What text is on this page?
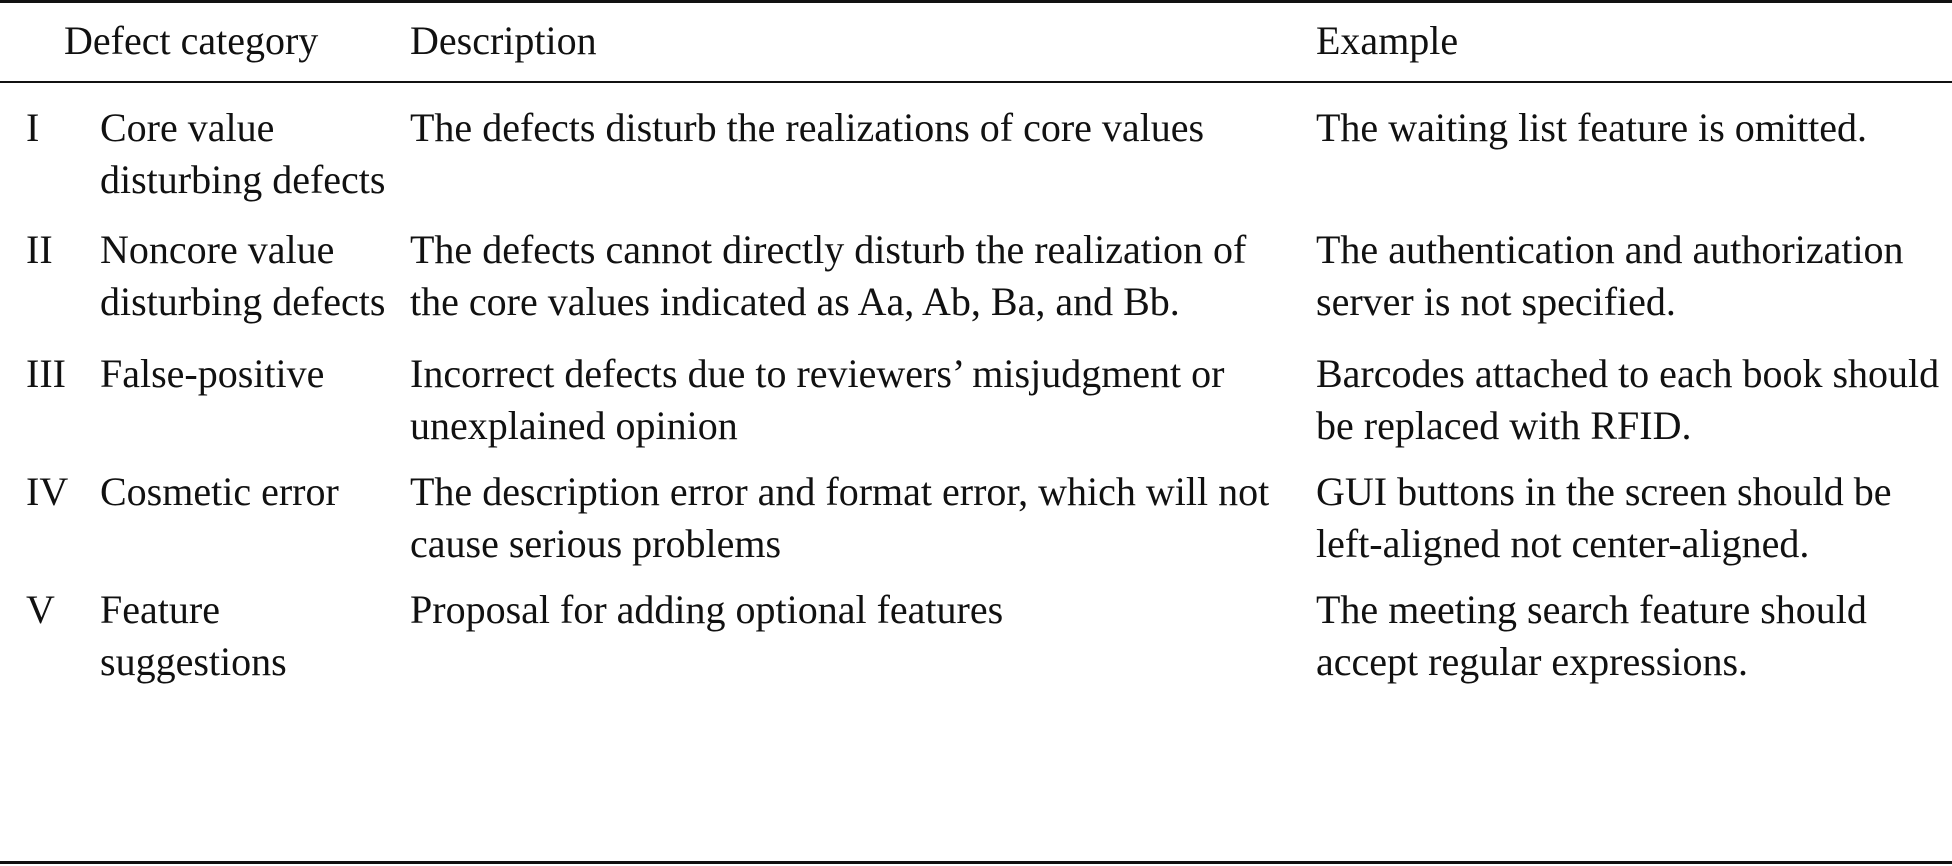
Defect category		Description	Example
I	Core value disturbing defects	The defects disturb the realizations of core values	The waiting list feature is omitted.
II	Noncore value disturbing defects	The defects cannot directly disturb the realization of the core values indicated as Aa, Ab, Ba, and Bb.	The authentication and authorization server is not specified.
III	False-positive	Incorrect defects due to reviewers’ misjudgment or unexplained opinion	Barcodes attached to each book should be replaced with RFID.
IV	Cosmetic error	The description error and format error, which will not cause serious problems	GUI buttons in the screen should be left-aligned not center-aligned.
V	Feature suggestions	Proposal for adding optional features	The meeting search feature should accept regular expressions.
